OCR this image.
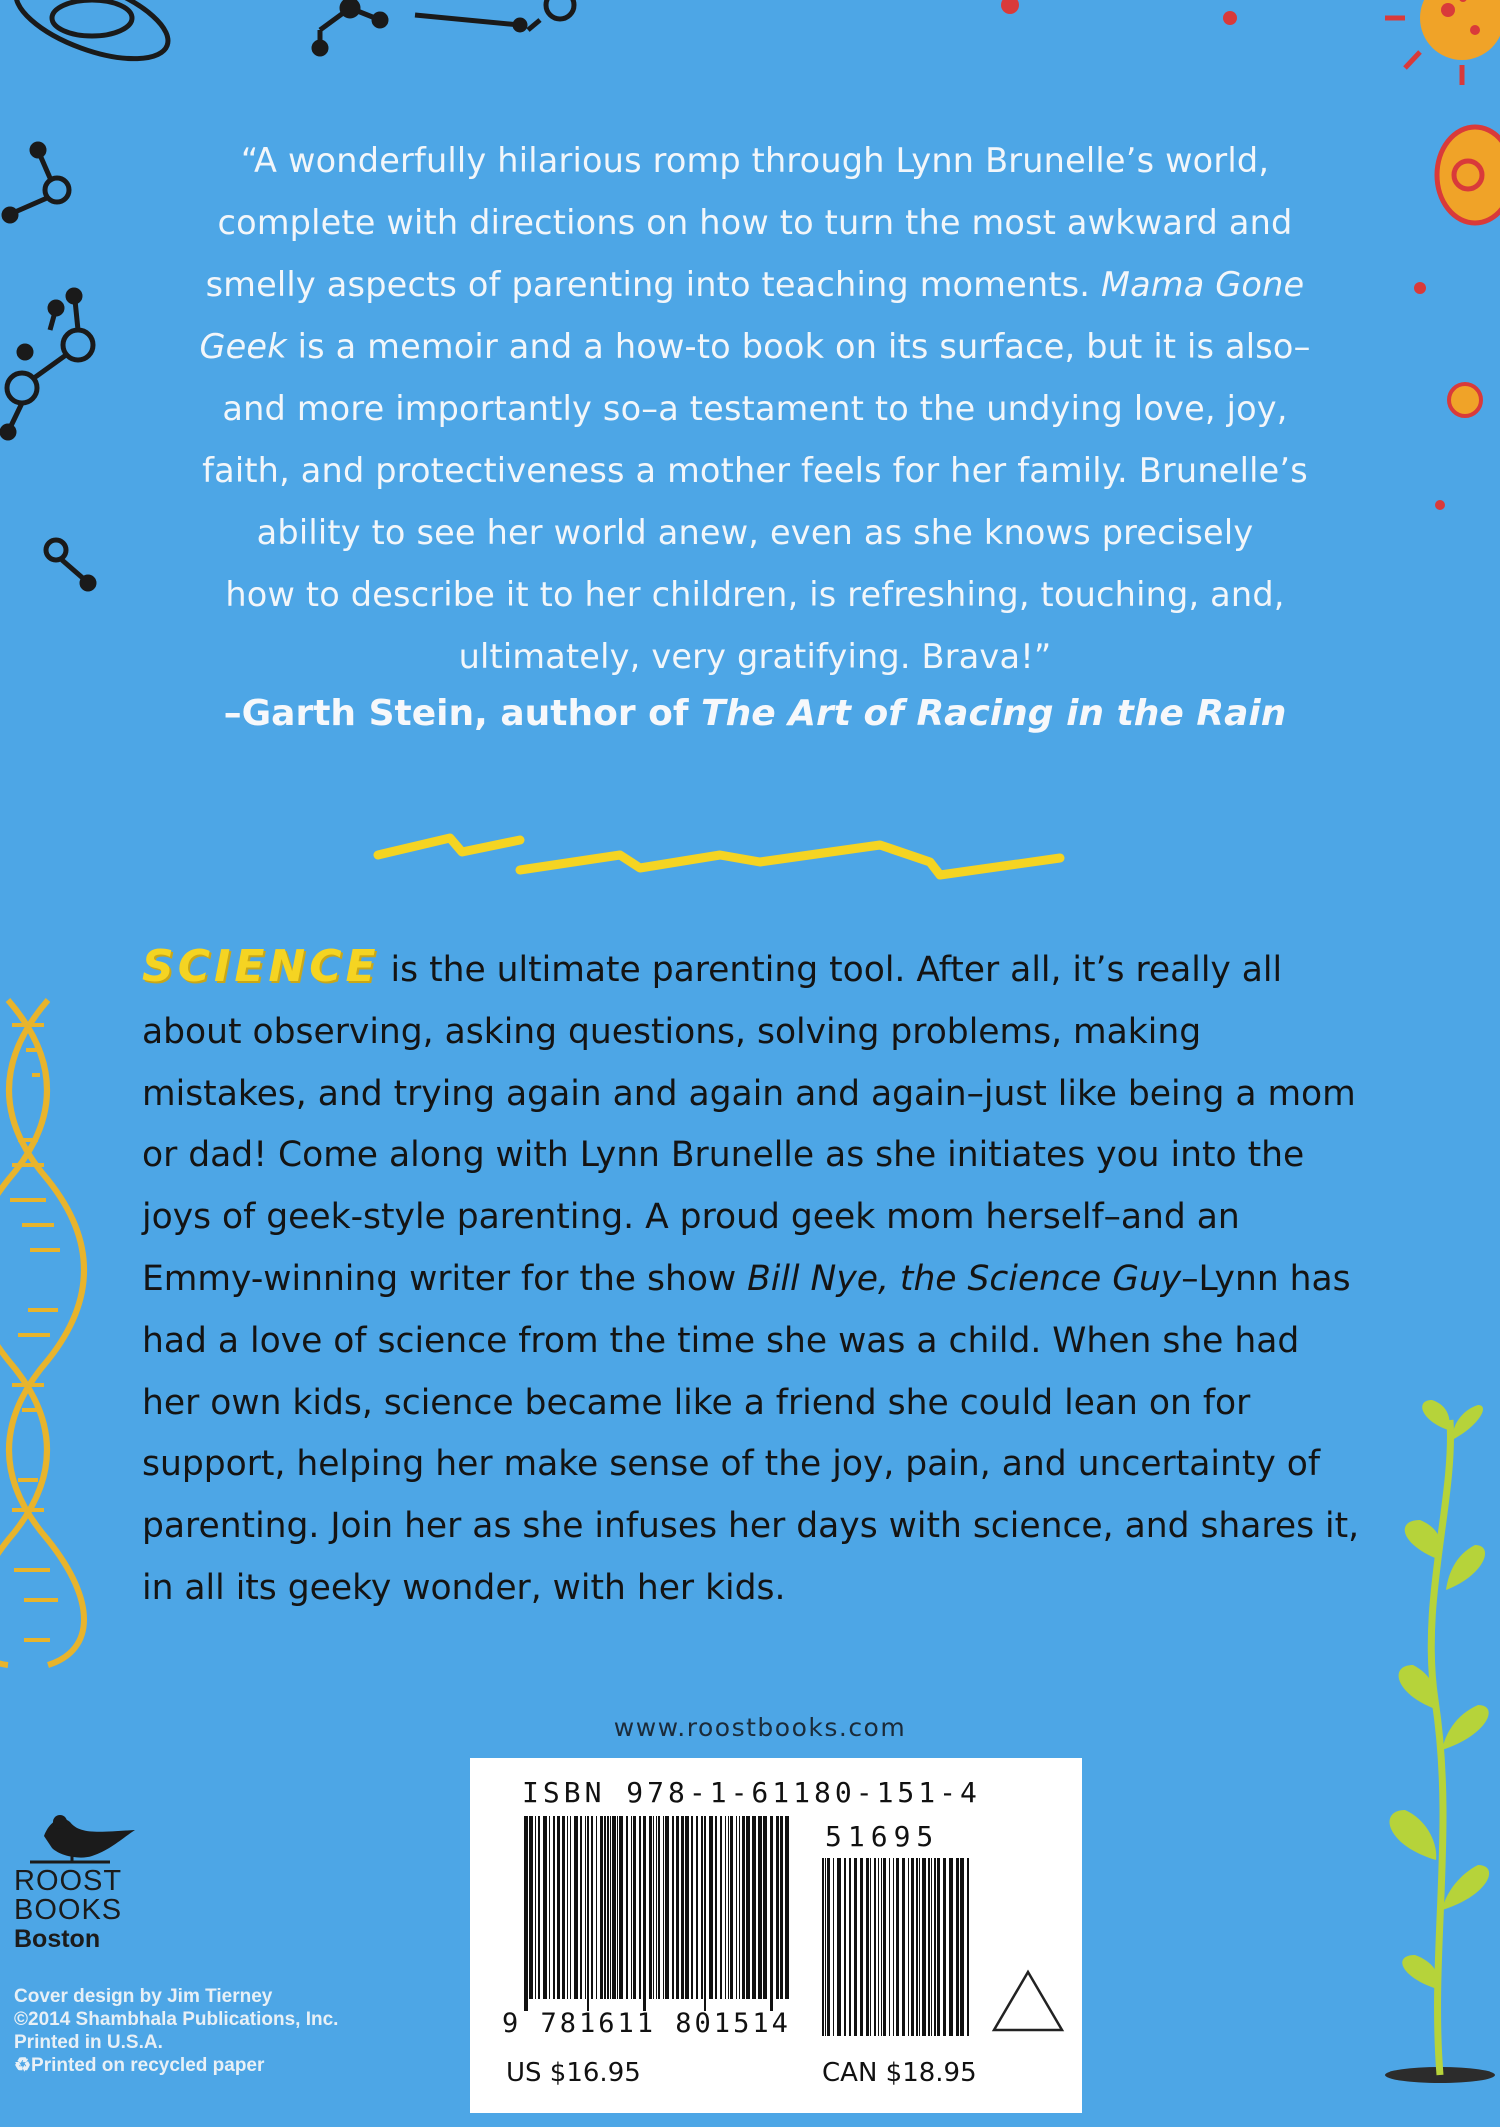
“A wonderfully hilarious romp through Lynn Brunelle’s world,
complete with directions on how to turn the most awkward and
smelly aspects of parenting into teaching moments. Mama Gone
Geek is a memoir and a how-to book on its surface, but it is also–
and more importantly so–a testament to the undying love, joy,
faith, and protectiveness a mother feels for her family. Brunelle’s
ability to see her world anew, even as she knows precisely
how to describe it to her children, is refreshing, touching, and,
ultimately, very gratifying. Brava!”
–Garth Stein, author of The Art of Racing in the Rain
SCIENCE is the ultimate parenting tool. After all, it’s really all about observing, asking questions, solving problems, making mistakes, and trying again and again and again–just like being a mom or dad! Come along with Lynn Brunelle as she initiates you into the joys of geek-style parenting. A proud geek mom herself–and an Emmy-winning writer for the show Bill Nye, the Science Guy–Lynn has had a love of science from the time she was a child. When she had her own kids, science became like a friend she could lean on for support, helping her make sense of the joy, pain, and uncertainty of parenting. Join her as she infuses her days with science, and shares it, in all its geeky wonder, with her kids.
www.roostbooks.com
ISBN 978-1-61180-151-4
51695
9 781611 801514
US $16.95	CAN $18.95
ROOST
BOOKS
Boston
Cover design by Jim Tierney
©2014 Shambhala Publications, Inc.
Printed in U.S.A.
♻Printed on recycled paper
